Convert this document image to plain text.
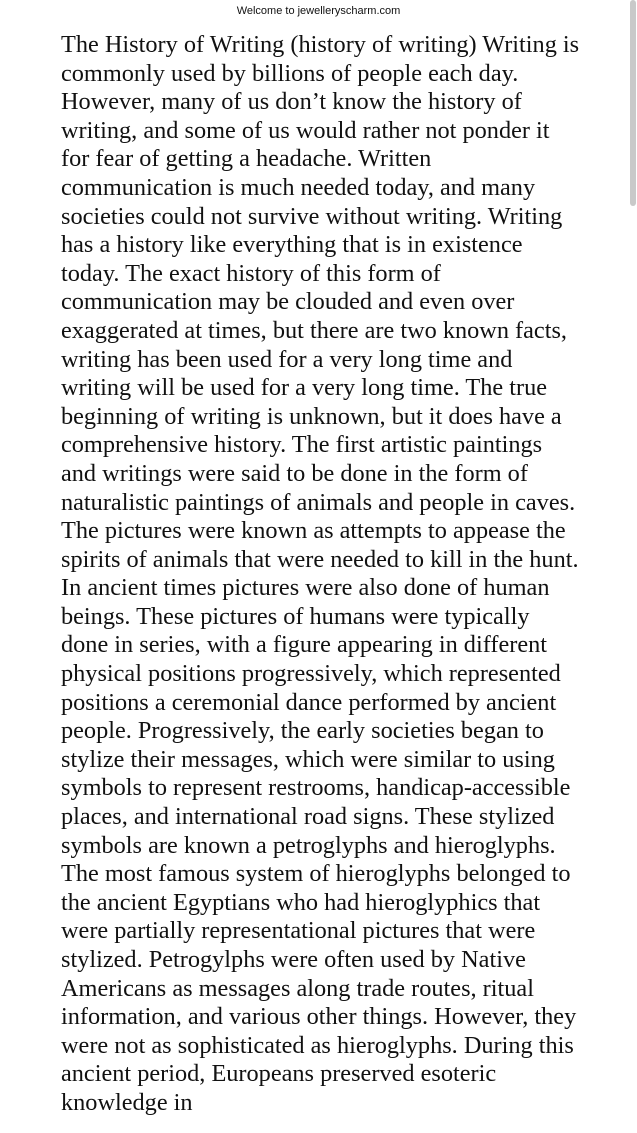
Welcome to jewelleryscharm.com

The History of Writing (history of writing) Writing is commonly used by billions of people each day. However, many of us don’t know the history of writing, and some of us would rather not ponder it for fear of getting a headache. Written communication is much needed today, and many societies could not survive without writing. Writing has a history like everything that is in existence today. The exact history of this form of communication may be clouded and even over exaggerated at times, but there are two known facts, writing has been used for a very long time and writing will be used for a very long time. The true beginning of writing is unknown, but it does have a comprehensive history. The first artistic paintings and writings were said to be done in the form of naturalistic paintings of animals and people in caves. The pictures were known as attempts to appease the spirits of animals that were needed to kill in the hunt. In ancient times pictures were also done of human beings. These pictures of humans were typically done in series, with a figure appearing in different physical positions progressively, which represented positions a ceremonial dance performed by ancient people. Progressively, the early societies began to stylize their messages, which were similar to using symbols to represent restrooms, handicap-accessible places, and international road signs. These stylized symbols are known a petroglyphs and hieroglyphs. The most famous system of hieroglyphs belonged to the ancient Egyptians who had hieroglyphics that were partially representational pictures that were stylized. Petrogylphs were often used by Native Americans as messages along trade routes, ritual information, and various other things. However, they were not as sophisticated as hieroglyphs. During this ancient period, Europeans preserved esoteric knowledge in
